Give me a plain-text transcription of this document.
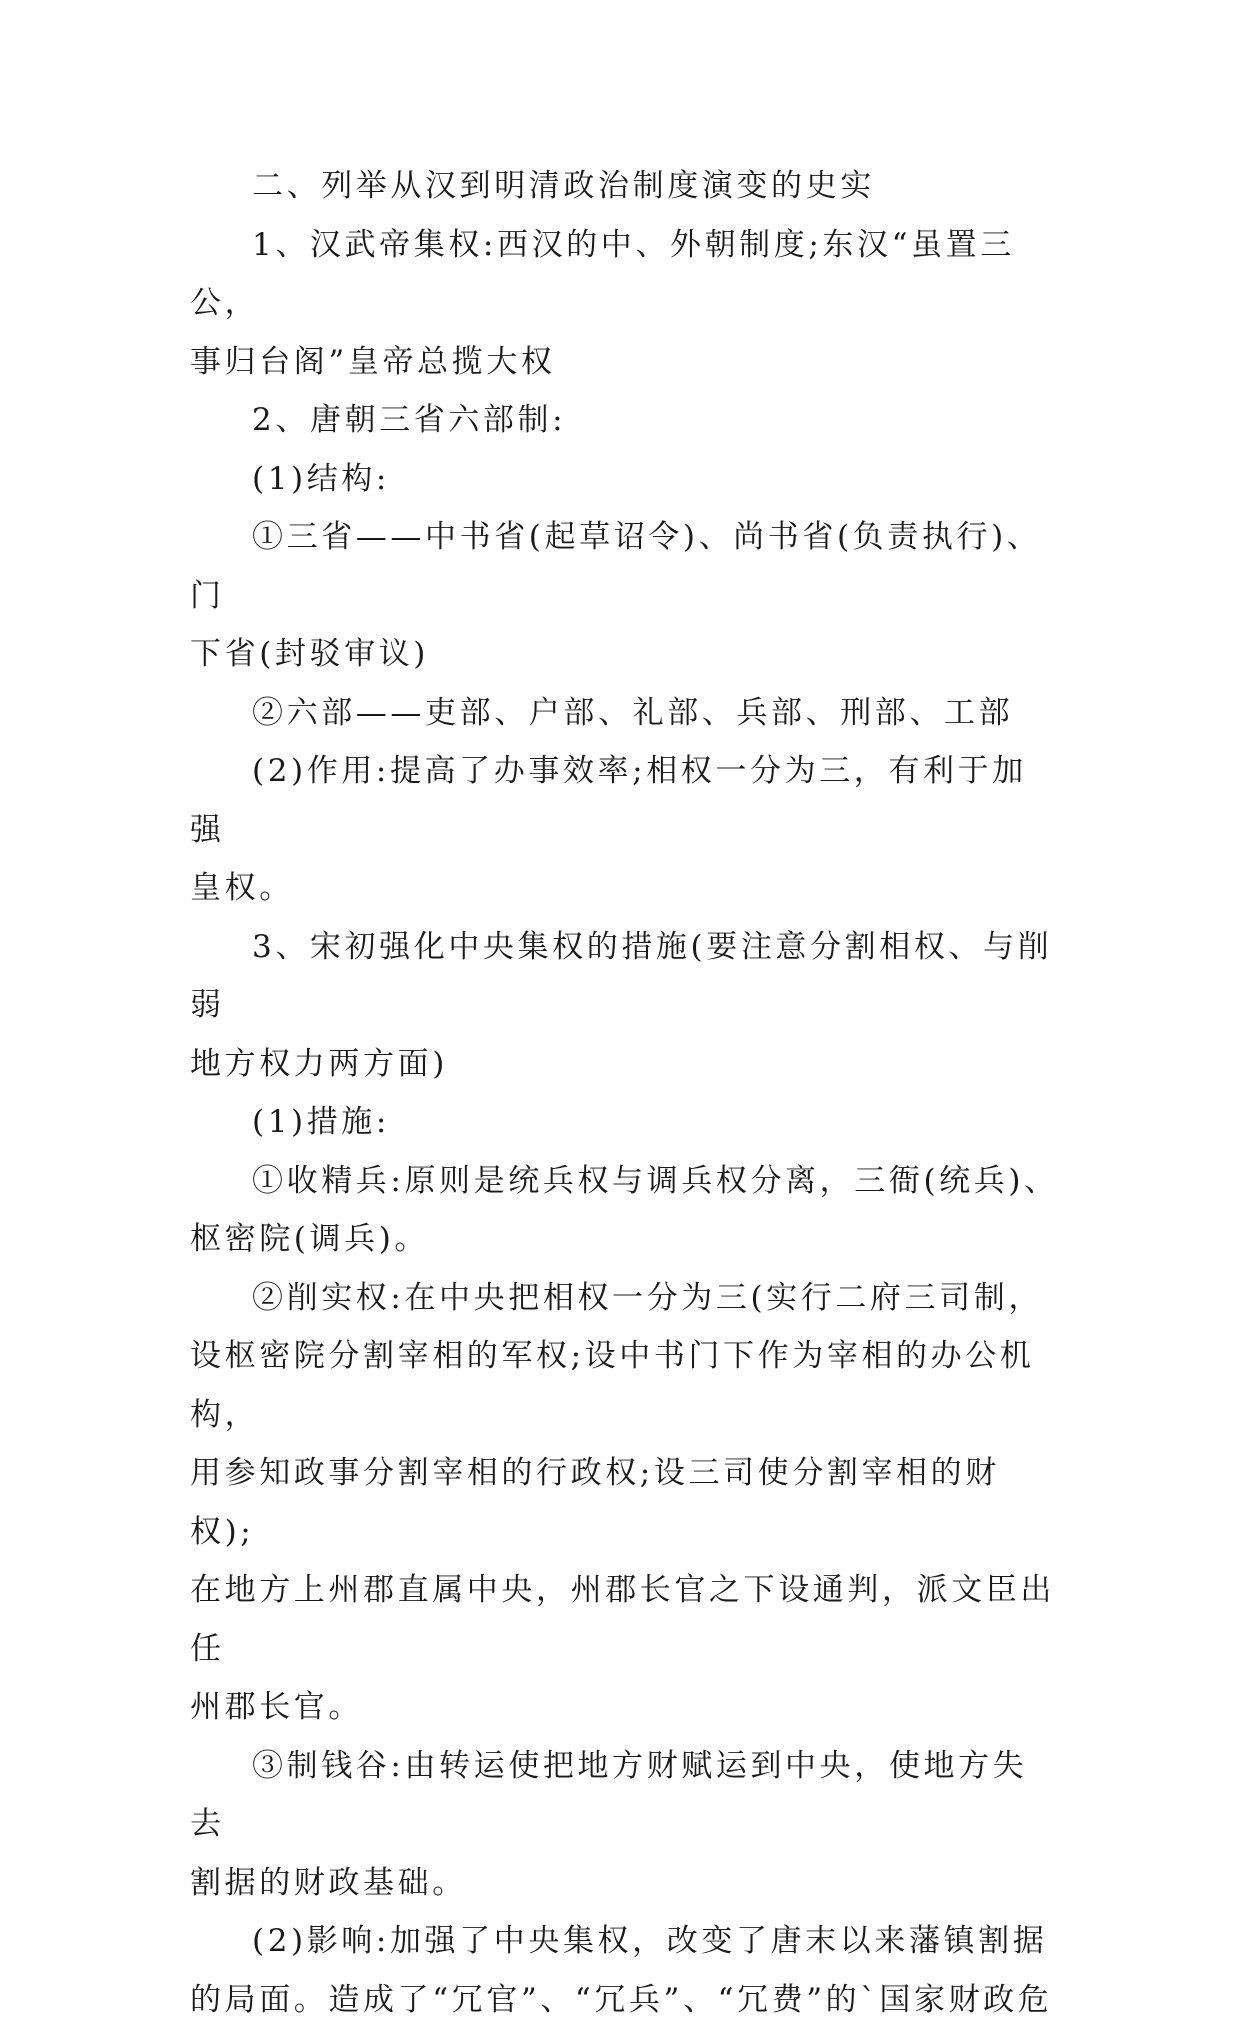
二、列举从汉到明清政治制度演变的史实

1、汉武帝集权:西汉的中、外朝制度;东汉“虽置三公，

事归台阁”皇帝总揽大权

2、唐朝三省六部制:

(1)结构:

①三省——中书省(起草诏令)、尚书省(负责执行)、门

下省(封驳审议)

②六部——吏部、户部、礼部、兵部、刑部、工部

(2)作用:提高了办事效率;相权一分为三，有利于加强

皇权。

3、宋初强化中央集权的措施(要注意分割相权、与削弱

地方权力两方面)

(1)措施:

①收精兵:原则是统兵权与调兵权分离，三衙(统兵)、

枢密院(调兵)。

②削实权:在中央把相权一分为三(实行二府三司制，

设枢密院分割宰相的军权;设中书门下作为宰相的办公机构，

用参知政事分割宰相的行政权;设三司使分割宰相的财权);

在地方上州郡直属中央，州郡长官之下设通判，派文臣出任

州郡长官。

③制钱谷:由转运使把地方财赋运到中央，使地方失去

割据的财政基础。

(2)影响:加强了中央集权，改变了唐末以来藩镇割据

的局面。造成了“冗官”、“冗兵”、“冗费”的`国家财政危
